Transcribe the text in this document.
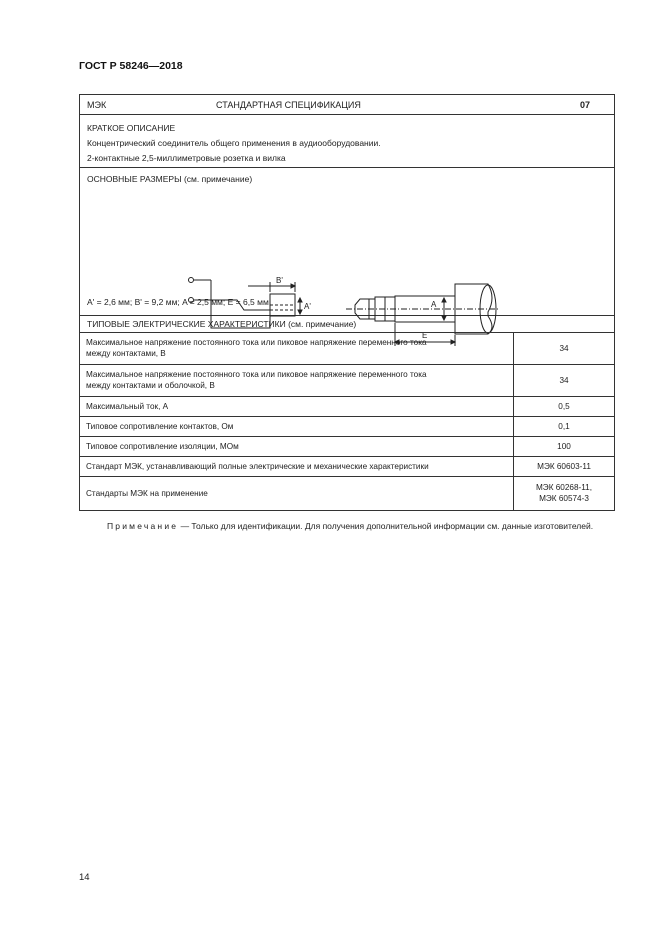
ГОСТ Р 58246—2018
МЭК	СТАНДАРТНАЯ СПЕЦИФИКАЦИЯ	07
КРАТКОЕ ОПИСАНИЕ
Концентрический соединитель общего применения в аудиооборудовании.
2-контактные 2,5-миллиметровые розетка и вилка
ОСНОВНЫЕ РАЗМЕРЫ (см. примечание)
B'
A'	A
E
A' = 2,6 мм; B' = 9,2 мм; A = 2,5 мм; E = 6,5 мм
ТИПОВЫЕ ЭЛЕКТРИЧЕСКИЕ ХАРАКТЕРИСТИКИ (см. примечание)
Максимальное напряжение постоянного тока или пиковое напряжение переменного тока
между контактами, В	34

Максимальное напряжение постоянного тока или пиковое напряжение переменного тока
между контактами и оболочкой, В	34
Максимальный ток, А	0,5
Типовое сопротивление контактов, Ом	0,1
Типовое сопротивление изоляции, МОм	100
Стандарт МЭК, устанавливающий полные электрические и механические характеристики	МЭК 60603-11
Стандарты МЭК на применение	МЭК 60268-11,
МЭК 60574-3
Примечание — Только для идентификации. Для получения дополнительной информации см. данные изготовителей.
14
